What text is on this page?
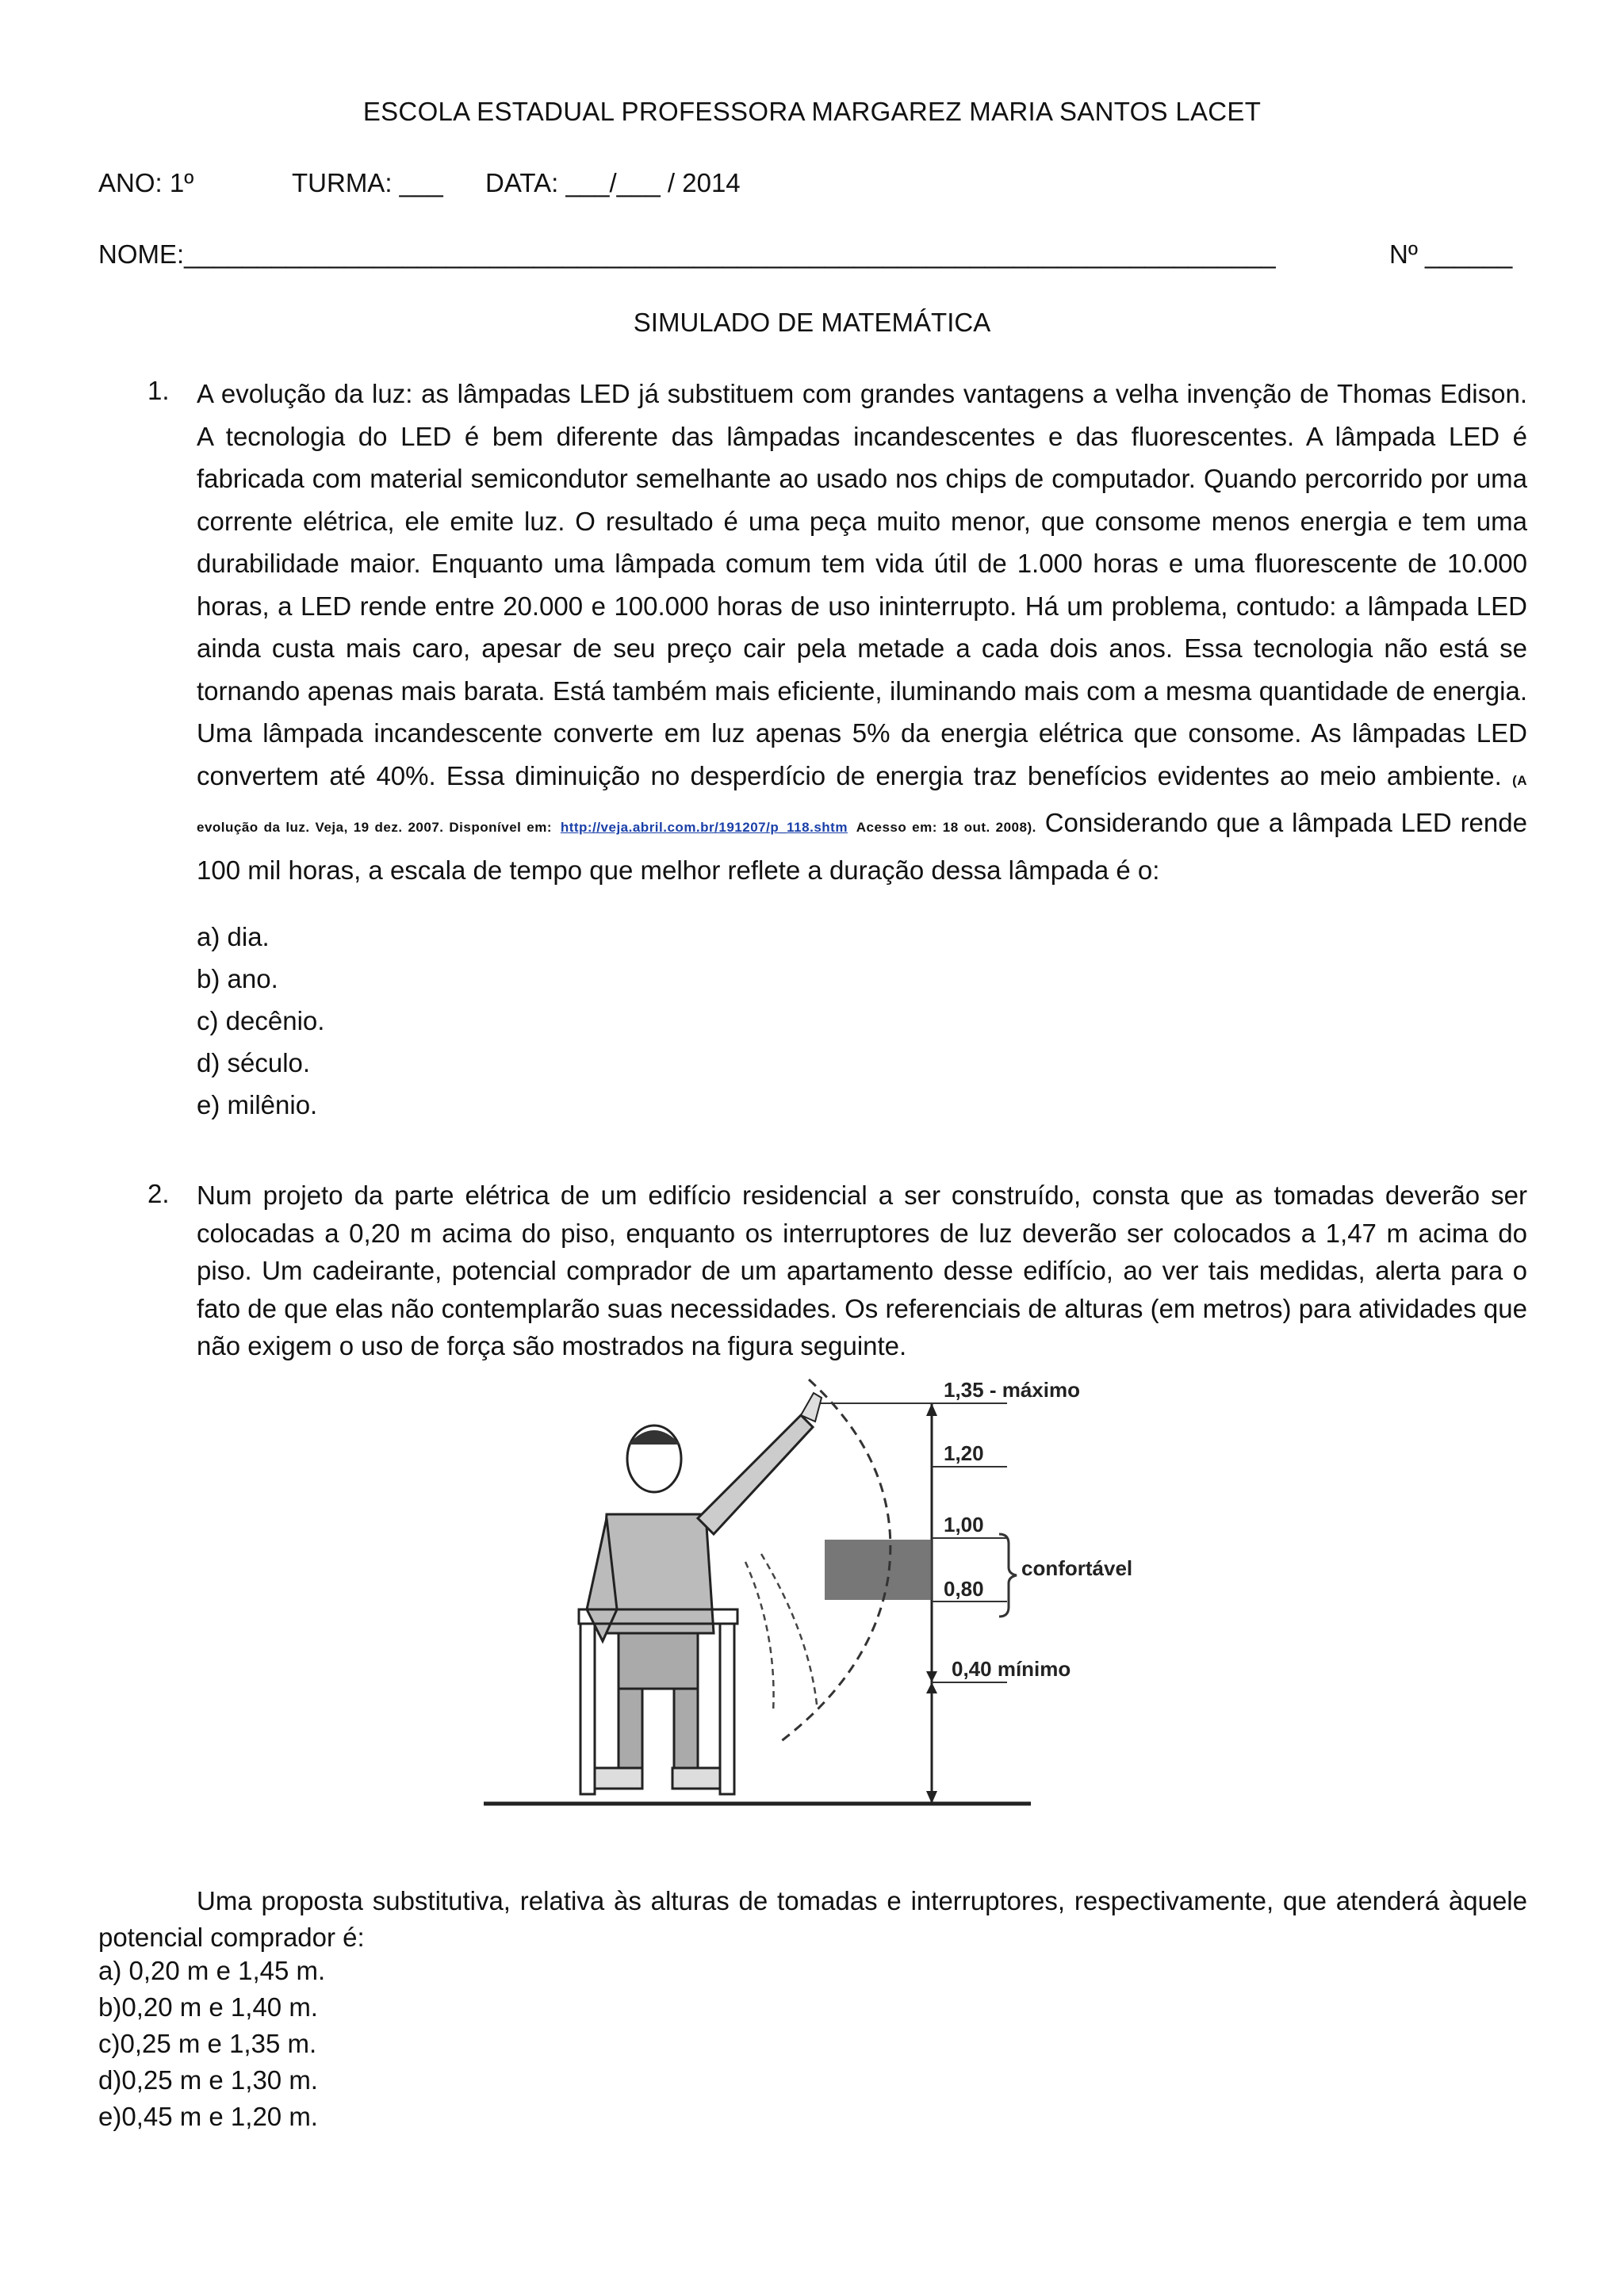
ESCOLA ESTADUAL PROFESSORA MARGAREZ MARIA SANTOS LACET
ANO: 1º	TURMA: ___ DATA: ___/___ / 2014
NOME:___________________________________________________________________________	Nº ______
SIMULADO DE MATEMÁTICA
1. A evolução da luz: as lâmpadas LED já substituem com grandes vantagens a velha invenção de Thomas Edison. A tecnologia do LED é bem diferente das lâmpadas incandescentes e das fluorescentes. A lâmpada LED é fabricada com material semicondutor semelhante ao usado nos chips de computador. Quando percorrido por uma corrente elétrica, ele emite luz. O resultado é uma peça muito menor, que consome menos energia e tem uma durabilidade maior. Enquanto uma lâmpada comum tem vida útil de 1.000 horas e uma fluorescente de 10.000 horas, a LED rende entre 20.000 e 100.000 horas de uso ininterrupto. Há um problema, contudo: a lâmpada LED ainda custa mais caro, apesar de seu preço cair pela metade a cada dois anos. Essa tecnologia não está se tornando apenas mais barata. Está também mais eficiente, iluminando mais com a mesma quantidade de energia. Uma lâmpada incandescente converte em luz apenas 5% da energia elétrica que consome. As lâmpadas LED convertem até 40%. Essa diminuição no desperdício de energia traz benefícios evidentes ao meio ambiente. (A evolução da luz. Veja, 19 dez. 2007. Disponível em: http://veja.abril.com.br/191207/p_118.shtm Acesso em: 18 out. 2008). Considerando que a lâmpada LED rende 100 mil horas, a escala de tempo que melhor reflete a duração dessa lâmpada é o:
a) dia.
b) ano.
c) decênio.
d) século.
e) milênio.
2. Num projeto da parte elétrica de um edifício residencial a ser construído, consta que as tomadas deverão ser colocadas a 0,20 m acima do piso, enquanto os interruptores de luz deverão ser colocados a 1,47 m acima do piso. Um cadeirante, potencial comprador de um apartamento desse edifício, ao ver tais medidas, alerta para o fato de que elas não contemplarão suas necessidades. Os referenciais de alturas (em metros) para atividades que não exigem o uso de força são mostrados na figura seguinte.
1,35 - máximo
1,20
1,00
0,80
confortável
0,40 mínimo
Uma proposta substitutiva, relativa às alturas de tomadas e interruptores, respectivamente, que atenderá àquele potencial comprador é:
a) 0,20 m e 1,45 m.
b)0,20 m e 1,40 m.
c)0,25 m e 1,35 m.
d)0,25 m e 1,30 m.
e)0,45 m e 1,20 m.
